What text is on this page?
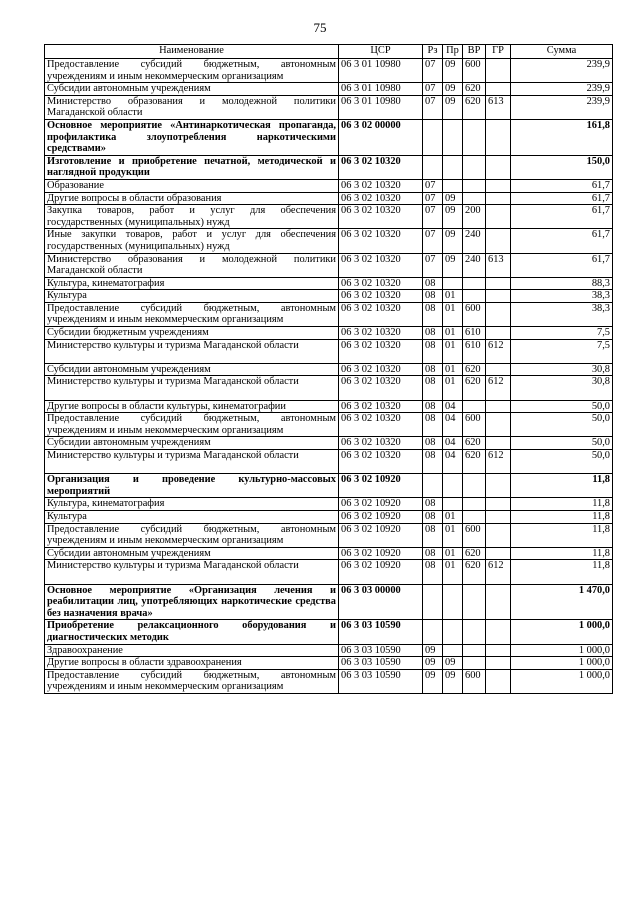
75
Наименование	ЦСР	Рз	Пр	ВР	ГР	Сумма
Предоставление субсидий бюджетным, автономным учреждениям и иным некоммерческим организациям	06 3 01 10980	07	09	600		239,9
Субсидии автономным учреждениям	06 3 01 10980	07	09	620		239,9
Министерство образования и молодежной политики Магаданской области	06 3 01 10980	07	09	620	613	239,9
Основное мероприятие «Антинаркотическая пропаганда, профилактика злоупотребления наркотическими средствами»	06 3 02 00000					161,8
Изготовление и приобретение печатной, методической и наглядной продукции	06 3 02 10320					150,0
Образование	06 3 02 10320	07				61,7
Другие вопросы в области образования	06 3 02 10320	07	09			61,7
Закупка товаров, работ и услуг для обеспечения государственных (муниципальных) нужд	06 3 02 10320	07	09	200		61,7
Иные закупки товаров, работ и услуг для обеспечения государственных (муниципальных) нужд	06 3 02 10320	07	09	240		61,7
Министерство образования и молодежной политики Магаданской области	06 3 02 10320	07	09	240	613	61,7
Культура, кинематография	06 3 02 10320	08				88,3
Культура	06 3 02 10320	08	01			38,3
Предоставление субсидий бюджетным, автономным учреждениям и иным некоммерческим организациям	06 3 02 10320	08	01	600		38,3
Субсидии бюджетным учреждениям	06 3 02 10320	08	01	610		7,5
Министерство культуры и туризма Магаданской области	06 3 02 10320	08	01	610	612	7,5
Субсидии автономным учреждениям	06 3 02 10320	08	01	620		30,8
Министерство культуры и туризма Магаданской области	06 3 02 10320	08	01	620	612	30,8
Другие вопросы в области культуры, кинематографии	06 3 02 10320	08	04			50,0
Предоставление субсидий бюджетным, автономным учреждениям и иным некоммерческим организациям	06 3 02 10320	08	04	600		50,0
Субсидии автономным учреждениям	06 3 02 10320	08	04	620		50,0
Министерство культуры и туризма Магаданской области	06 3 02 10320	08	04	620	612	50,0
Организация и проведение культурно-массовых мероприятий	06 3 02 10920					11,8
Культура, кинематография	06 3 02 10920	08				11,8
Культура	06 3 02 10920	08	01			11,8
Предоставление субсидий бюджетным, автономным учреждениям и иным некоммерческим организациям	06 3 02 10920	08	01	600		11,8
Субсидии автономным учреждениям	06 3 02 10920	08	01	620		11,8
Министерство культуры и туризма Магаданской области	06 3 02 10920	08	01	620	612	11,8
Основное мероприятие «Организация лечения и реабилитации лиц, употребляющих наркотические средства без назначения врача»	06 3 03 00000					1 470,0
Приобретение релаксационного оборудования и диагностических методик	06 3 03 10590					1 000,0
Здравоохранение	06 3 03 10590	09				1 000,0
Другие вопросы в области здравоохранения	06 3 03 10590	09	09			1 000,0
Предоставление субсидий бюджетным, автономным учреждениям и иным некоммерческим организациям	06 3 03 10590	09	09	600		1 000,0
